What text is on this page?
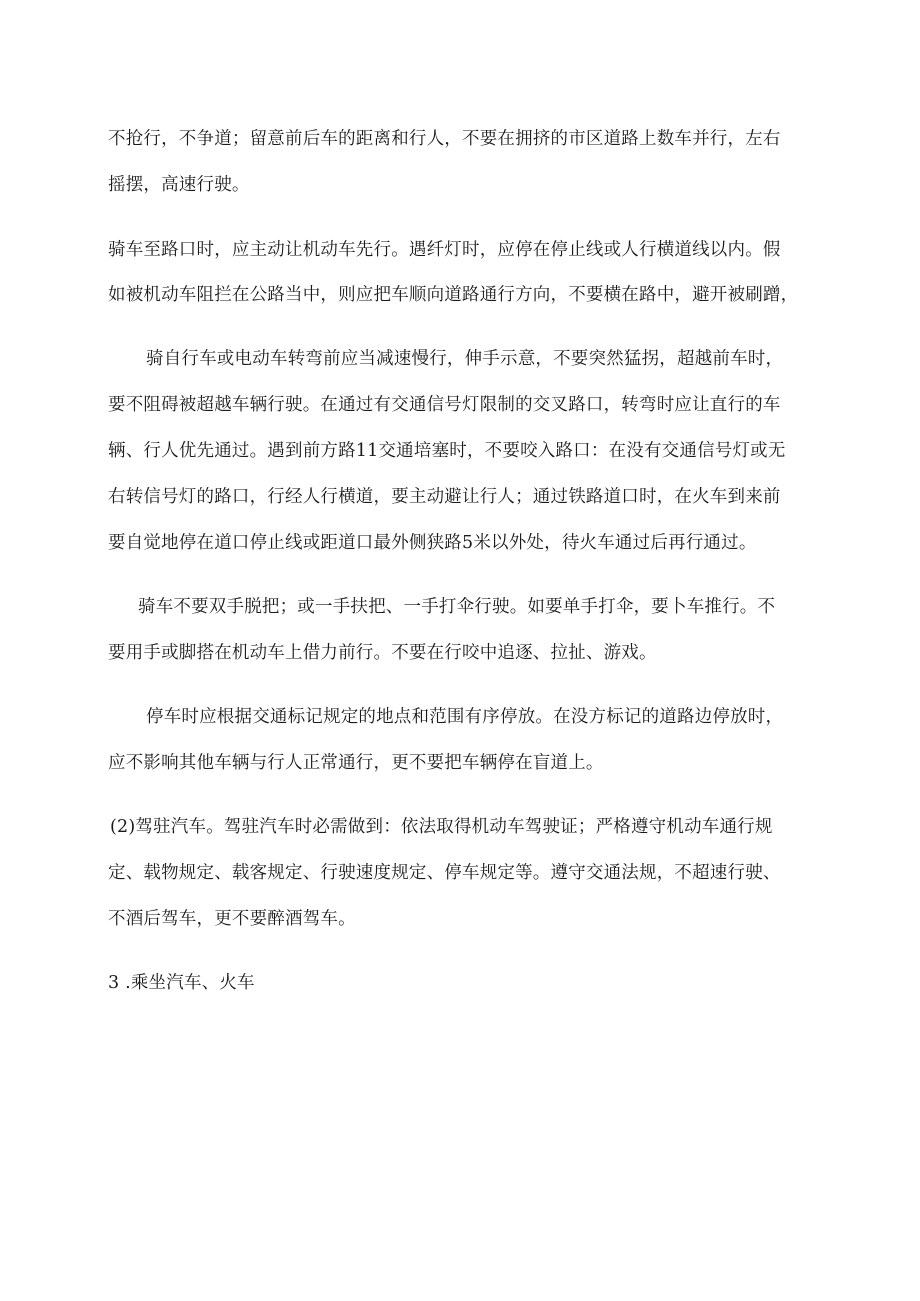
不抢行，不争道；留意前后车的距离和行人，不要在拥挤的市区道路上数车并行，左右
摇摆，高速行驶。
骑车至路口时，应主动让机动车先行。遇纤灯时，应停在停止线或人行横道线以内。假
如被机动车阻拦在公路当中，则应把车顺向道路通行方向，不要横在路中，避开被刷蹭，
骑自行车或电动车转弯前应当减速慢行，伸手示意，不要突然猛拐，超越前车时，
要不阻碍被超越车辆行驶。在通过有交通信号灯限制的交叉路口，转弯时应让直行的车
辆、行人优先通过。遇到前方路11交通培塞时，不要咬入路口：在没有交通信号灯或无
右转信号灯的路口，行经人行横道，要主动避让行人；通过铁路道口时，在火车到来前
要自觉地停在道口停止线或距道口最外侧狭路5米以外处，待火车通过后再行通过。
骑车不要双手脱把；或一手扶把、一手打伞行驶。如要单手打伞，要卜车推行。不
要用手或脚搭在机动车上借力前行。不要在行咬中追逐、拉扯、游戏。
停车时应根据交通标记规定的地点和范围有序停放。在没方标记的道路边停放时，
应不影响其他车辆与行人正常通行，更不要把车辆停在盲道上。
(2)驾驻汽车。驾驻汽车时必需做到：依法取得机动车驾驶证；严格遵守机动车通行规
定、载物规定、载客规定、行驶速度规定、停车规定等。遵守交通法规，不超速行驶、
不酒后驾车，更不要醉酒驾车。
3 .乘坐汽车、火车
